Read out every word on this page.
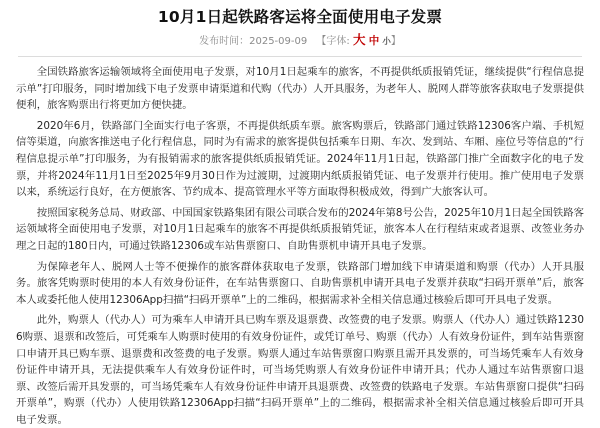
10月1日起铁路客运将全面使用电子发票
发布时间：2025-09-09 【字体: 大 中 小】

全国铁路旅客运输领域将全面使用电子发票，对10月1日起乘车的旅客，不再提供纸质报销凭证，继续提供“行程信息提示单”打印服务，同时增加线下电子发票申请渠道和代购（代办）人开具服务，为老年人、脱网人群等旅客获取电子发票提供便利，旅客购票出行将更加方便快捷。

2020年6月，铁路部门全面实行电子客票，不再提供纸质车票。旅客购票后，铁路部门通过铁路12306客户端、手机短信等渠道，向旅客推送电子化行程信息，同时为有需求的旅客提供包括乘车日期、车次、发到站、车厢、座位号等信息的“行程信息提示单”打印服务，为有报销需求的旅客提供纸质报销凭证。2024年11月1日起，铁路部门推广全面数字化的电子发票，并将2024年11月1日至2025年9月30日作为过渡期，过渡期内纸质报销凭证、电子发票并行使用。推广使用电子发票以来，系统运行良好，在方便旅客、节约成本、提高管理水平等方面取得积极成效，得到广大旅客认可。

按照国家税务总局、财政部、中国国家铁路集团有限公司联合发布的2024年第8号公告，2025年10月1日起全国铁路客运领域将全面使用电子发票，对10月1日起乘车的旅客不再提供纸质报销凭证，旅客本人在行程结束或者退票、改签业务办理之日起的180日内，可通过铁路12306或车站售票窗口、自助售票机申请开具电子发票。

为保障老年人、脱网人士等不便操作的旅客群体获取电子发票，铁路部门增加线下申请渠道和购票（代办）人开具服务。旅客凭购票时使用的本人有效身份证件，在车站售票窗口、自助售票机申请开具电子发票并获取“扫码开票单”后，旅客本人或委托他人使用12306App扫描“扫码开票单”上的二维码，根据需求补全相关信息通过核验后即可开具电子发票。

此外，购票人（代办人）可为乘车人申请开具已购车票及退票费、改签费的电子发票。购票人（代办人）通过铁路12306购票、退票和改签后，可凭乘车人购票时使用的有效身份证件，或凭订单号、购票（代办）人有效身份证件，到车站售票窗口申请开具已购车票、退票费和改签费的电子发票。购票人通过车站售票窗口购票且需开具发票的，可当场凭乘车人有效身份证件申请开具，无法提供乘车人有效身份证件时，可当场凭购票人有效身份证件申请开具；代办人通过车站售票窗口退票、改签后需开具发票的，可当场凭乘车人有效身份证件申请开具退票费、改签费的铁路电子发票。车站售票窗口提供“扫码开票单”，购票（代办）人使用铁路12306App扫描“扫码开票单”上的二维码，根据需求补全相关信息通过核验后即可开具电子发票。
